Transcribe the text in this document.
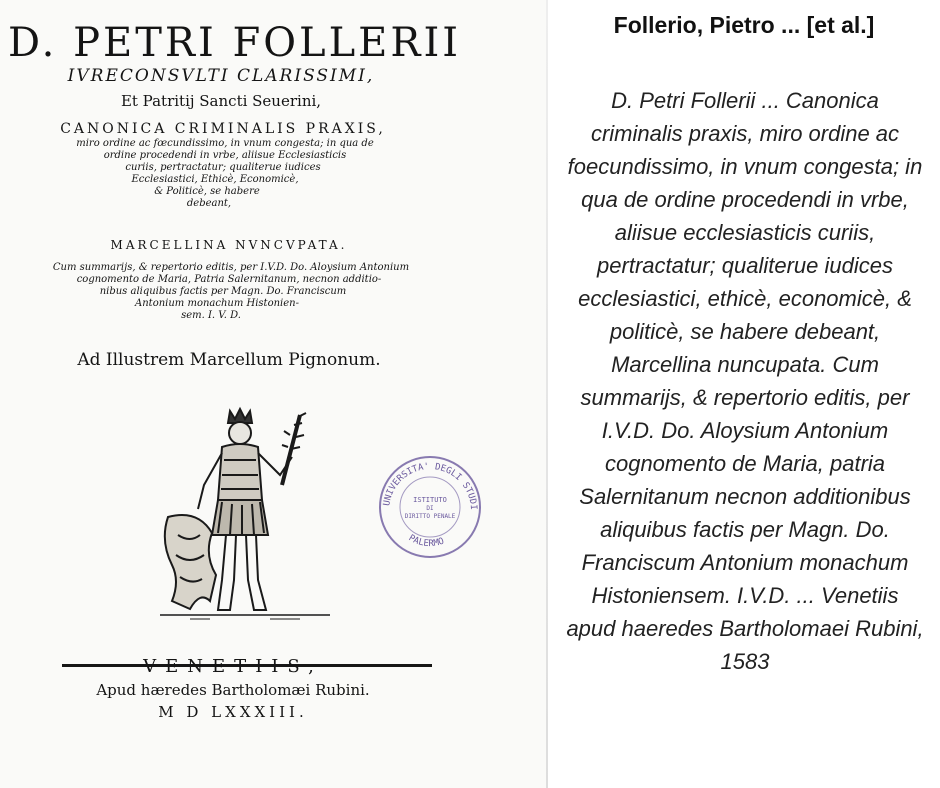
D. PETRI FOLLERII
IVRECONSVLTI CLARISSIMI,
Et Patritij Sancti Seuerini,
CANONICA CRIMINALIS PRAXIS,
miro ordine ac fœcundissimo, in vnum congesta; in qua de
ordine procedendi in vrbe, aliisue Ecclesiasticis
curiis, pertractatur; qualiterue iudices
Ecclesiastici, Ethicè, Economicè,
& Politicè, se habere
debeant,
MARCELLINA NVNCVPATA.
Cum summarijs, & repertorio editis, per I.V.D. Do. Aloysium Antonium
cognomento de Maria, Patria Salernitanum, necnon additio-
nibus aliquibus factis per Magn. Do. Franciscum
Antonium monachum Histonien-
sem. I. V. D.
Ad Illustrem Marcellum Pignonum.
UNIVERSITA' DEGLI STUDI
PALERMO
ISTITUTO
DI
DIRITTO PENALE
VENETIIS,
Apud hæredes Bartholomæi Rubini.
M D LXXXIII.
Follerio, Pietro ... [et al.]
D. Petri Follerii ... Canonica criminalis praxis, miro ordine ac foecundissimo, in vnum congesta; in qua de ordine procedendi in vrbe, aliisue ecclesiasticis curiis, pertractatur; qualiterue iudices ecclesiastici, ethicè, economicè, & politicè, se habere debeant, Marcellina nuncupata. Cum summarijs, & repertorio editis, per I.V.D. Do. Aloysium Antonium cognomento de Maria, patria Salernitanum necnon additionibus aliquibus factis per Magn. Do. Franciscum Antonium monachum Histoniensem. I.V.D. ... Venetiis apud haeredes Bartholomaei Rubini, 1583
